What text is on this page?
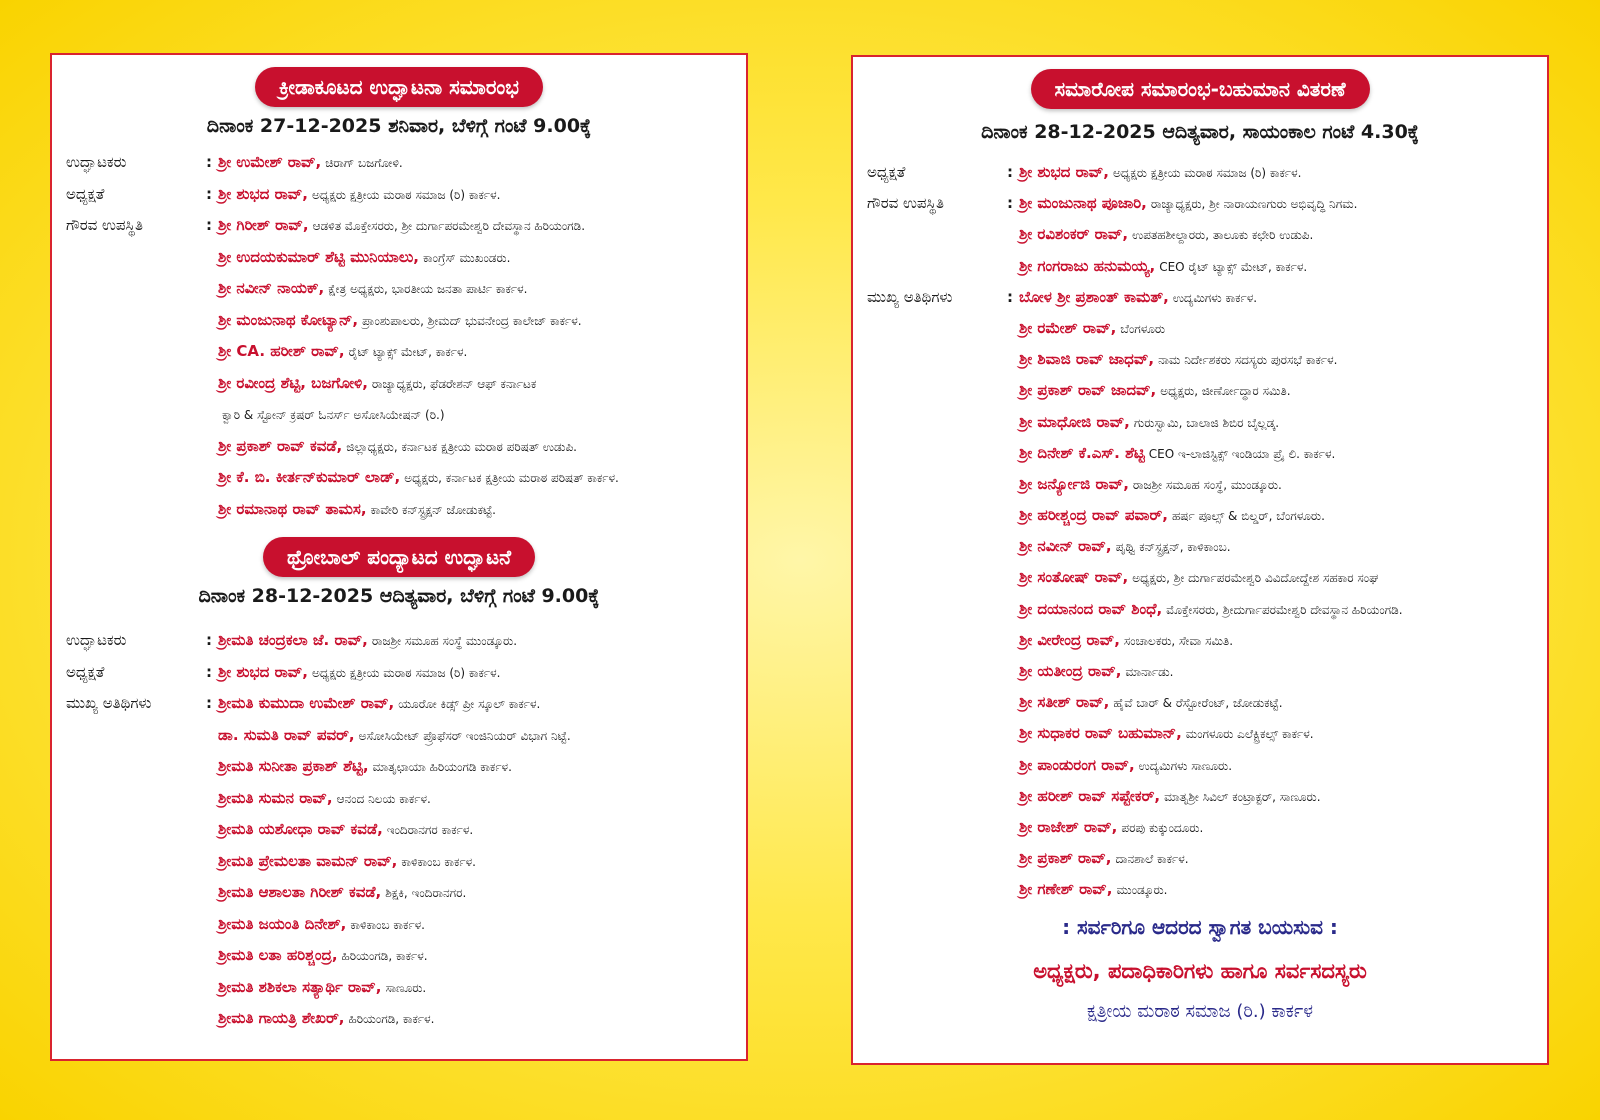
ಕ್ರೀಡಾಕೂಟದ ಉದ್ಘಾಟನಾ ಸಮಾರಂಭ
ದಿನಾಂಕ 27-12-2025 ಶನಿವಾರ, ಬೆಳಿಗ್ಗೆ ಗಂಟೆ 9.00ಕ್ಕೆ
ಉದ್ಘಾಟಕರು	: ಶ್ರೀ ಉಮೇಶ್ ರಾವ್, ಚಿರಾಗ್ ಬಜಗೋಳಿ.
ಅಧ್ಯಕ್ಷತೆ	: ಶ್ರೀ ಶುಭದ ರಾವ್, ಅಧ್ಯಕ್ಷರು ಕ್ಷತ್ರೀಯ ಮರಾಠ ಸಮಾಜ (ರಿ) ಕಾರ್ಕಳ.
ಗೌರವ ಉಪಸ್ಥಿತಿ	: ಶ್ರೀ ಗಿರೀಶ್ ರಾವ್, ಆಡಳಿತ ಮೊಕ್ತೇಸರರು, ಶ್ರೀ ದುರ್ಗಾಪರಮೇಶ್ವರಿ ದೇವಸ್ಥಾನ ಹಿರಿಯಂಗಡಿ.
ಶ್ರೀ ಉದಯಕುಮಾರ್ ಶೆಟ್ಟಿ ಮುನಿಯಾಲು, ಕಾಂಗ್ರೆಸ್ ಮುಖಂಡರು.
ಶ್ರೀ ನವೀನ್ ನಾಯಕ್, ಕ್ಷೇತ್ರ ಅಧ್ಯಕ್ಷರು, ಭಾರತೀಯ ಜನತಾ ಪಾರ್ಟಿ ಕಾರ್ಕಳ.
ಶ್ರೀ ಮಂಜುನಾಥ ಕೋಟ್ಯಾನ್, ಪ್ರಾಂಶುಪಾಲರು, ಶ್ರೀಮದ್ ಭುವನೇಂದ್ರ ಕಾಲೇಜ್ ಕಾರ್ಕಳ.
ಶ್ರೀ CA. ಹರೀಶ್ ರಾವ್, ರೈಟ್ ಟ್ಯಾಕ್ಸ್ ಮೇಟ್, ಕಾರ್ಕಳ.
ಶ್ರೀ ರವೀಂದ್ರ ಶೆಟ್ಟಿ, ಬಜಗೋಳಿ, ರಾಜ್ಯಾಧ್ಯಕ್ಷರು, ಫೆಡರೇಶನ್ ಆಫ್ ಕರ್ನಾಟಕ
ಕ್ವಾರಿ & ಸ್ಟೋನ್ ಕ್ರಷರ್ ಓನರ್ಸ್ ಅಸೋಸಿಯೇಷನ್ (ರಿ.)
ಶ್ರೀ ಪ್ರಕಾಶ್ ರಾವ್ ಕವಡೆ, ಜಿಲ್ಲಾಧ್ಯಕ್ಷರು, ಕರ್ನಾಟಕ ಕ್ಷತ್ರೀಯ ಮರಾಠ ಪರಿಷತ್ ಉಡುಪಿ.
ಶ್ರೀ ಕೆ. ಬಿ. ಕೀರ್ತನ್‌ಕುಮಾರ್ ಲಾಡ್, ಅಧ್ಯಕ್ಷರು, ಕರ್ನಾಟಕ ಕ್ಷತ್ರೀಯ ಮರಾಠ ಪರಿಷತ್ ಕಾರ್ಕಳ.
ಶ್ರೀ ರಮಾನಾಥ ರಾವ್ ತಾಮಸ, ಕಾವೇರಿ ಕನ್‌ಸ್ಟ್ರಕ್ಷನ್ ಜೋಡುಕಟ್ಟೆ.
ಥ್ರೋಬಾಲ್ ಪಂದ್ಯಾಟದ ಉದ್ಘಾಟನೆ
ದಿನಾಂಕ 28-12-2025 ಆದಿತ್ಯವಾರ, ಬೆಳಿಗ್ಗೆ ಗಂಟೆ 9.00ಕ್ಕೆ
ಉದ್ಘಾಟಕರು	: ಶ್ರೀಮತಿ ಚಂದ್ರಕಲಾ ಜೆ. ರಾವ್, ರಾಜಶ್ರೀ ಸಮೂಹ ಸಂಸ್ಥೆ ಮುಂಡ್ಕೂರು.
ಅಧ್ಯಕ್ಷತೆ	: ಶ್ರೀ ಶುಭದ ರಾವ್, ಅಧ್ಯಕ್ಷರು ಕ್ಷತ್ರೀಯ ಮರಾಠ ಸಮಾಜ (ರಿ) ಕಾರ್ಕಳ.
ಮುಖ್ಯ ಅತಿಥಿಗಳು	: ಶ್ರೀಮತಿ ಕುಮುದಾ ಉಮೇಶ್ ರಾವ್, ಯೂರೋ ಕಿಡ್ಸ್ ಪ್ರೀ ಸ್ಕೂಲ್ ಕಾರ್ಕಳ.
ಡಾ. ಸುಮತಿ ರಾವ್ ಪವರ್, ಅಸೋಸಿಯೇಟ್ ಪ್ರೊಫೆಸರ್ ಇಂಜಿನಿಯರ್ ವಿಭಾಗ ನಿಟ್ಟೆ.
ಶ್ರೀಮತಿ ಸುನೀತಾ ಪ್ರಕಾಶ್ ಶೆಟ್ಟಿ, ಮಾತೃಛಾಯಾ ಹಿರಿಯಂಗಡಿ ಕಾರ್ಕಳ.
ಶ್ರೀಮತಿ ಸುಮನ ರಾವ್, ಆನಂದ ನಿಲಯ ಕಾರ್ಕಳ.
ಶ್ರೀಮತಿ ಯಶೋಧಾ ರಾವ್ ಕವಡೆ, ಇಂದಿರಾನಗರ ಕಾರ್ಕಳ.
ಶ್ರೀಮತಿ ಪ್ರೇಮಲತಾ ವಾಮನ್ ರಾವ್, ಕಾಳಿಕಾಂಬ ಕಾರ್ಕಳ.
ಶ್ರೀಮತಿ ಆಶಾಲತಾ ಗಿರೀಶ್ ಕವಡೆ, ಶಿಕ್ಷಕಿ, ಇಂದಿರಾನಗರ.
ಶ್ರೀಮತಿ ಜಯಂತಿ ದಿನೇಶ್, ಕಾಳಿಕಾಂಬ ಕಾರ್ಕಳ.
ಶ್ರೀಮತಿ ಲತಾ ಹರಿಶ್ಚಂದ್ರ, ಹಿರಿಯಂಗಡಿ, ಕಾರ್ಕಳ.
ಶ್ರೀಮತಿ ಶಶಿಕಲಾ ಸತ್ಯಾರ್ಥಿ ರಾವ್, ಸಾಣೂರು.
ಶ್ರೀಮತಿ ಗಾಯತ್ರಿ ಶೇಖರ್, ಹಿರಿಯಂಗಡಿ, ಕಾರ್ಕಳ.
ಸಮಾರೋಪ ಸಮಾರಂಭ-ಬಹುಮಾನ ವಿತರಣೆ
ದಿನಾಂಕ 28-12-2025 ಆದಿತ್ಯವಾರ, ಸಾಯಂಕಾಲ ಗಂಟೆ 4.30ಕ್ಕೆ
ಅಧ್ಯಕ್ಷತೆ	: ಶ್ರೀ ಶುಭದ ರಾವ್, ಅಧ್ಯಕ್ಷರು ಕ್ಷತ್ರೀಯ ಮರಾಠ ಸಮಾಜ (ರಿ) ಕಾರ್ಕಳ.
ಗೌರವ ಉಪಸ್ಥಿತಿ	: ಶ್ರೀ ಮಂಜುನಾಥ ಪೂಜಾರಿ, ರಾಜ್ಯಾಧ್ಯಕ್ಷರು, ಶ್ರೀ ನಾರಾಯಣಗುರು ಅಭಿವೃದ್ಧಿ ನಿಗಮ.
ಶ್ರೀ ರವಿಶಂಕರ್ ರಾವ್, ಉಪತಹಶೀಲ್ದಾರರು, ತಾಲೂಕು ಕಛೇರಿ ಉಡುಪಿ.
ಶ್ರೀ ಗಂಗರಾಜು ಹನುಮಯ್ಯ, CEO ರೈಟ್ ಟ್ಯಾಕ್ಸ್ ಮೇಟ್, ಕಾರ್ಕಳ.
ಮುಖ್ಯ ಅತಿಥಿಗಳು	: ಬೋಳ ಶ್ರೀ ಪ್ರಶಾಂತ್ ಕಾಮತ್, ಉದ್ಯಮಿಗಳು ಕಾರ್ಕಳ.
ಶ್ರೀ ರಮೇಶ್ ರಾವ್, ಬೆಂಗಳೂರು
ಶ್ರೀ ಶಿವಾಜಿ ರಾವ್ ಜಾಧವ್, ನಾಮ ನಿರ್ದೇಶಕರು ಸದಸ್ಯರು ಪುರಸಭೆ ಕಾರ್ಕಳ.
ಶ್ರೀ ಪ್ರಕಾಶ್ ರಾವ್ ಜಾದವ್, ಅಧ್ಯಕ್ಷರು, ಜೀರ್ಣೋದ್ಧಾರ ಸಮಿತಿ.
ಶ್ರೀ ಮಾಧೋಜಿ ರಾವ್, ಗುರುಸ್ವಾಮಿ, ಬಾಲಾಜಿ ಶಿಬಿರ ಬೈಲ್ಲಡ್ಕ.
ಶ್ರೀ ದಿನೇಶ್ ಕೆ.ಎಸ್. ಶೆಟ್ಟಿ CEO ಇ-ಲಾಜಿಸ್ಟಿಕ್ಸ್ ಇಂಡಿಯಾ ಪ್ರೈ ಲಿ. ಕಾರ್ಕಳ.
ಶ್ರೀ ಜರ್ನ್ಯೋಜಿ ರಾವ್, ರಾಜಶ್ರೀ ಸಮೂಹ ಸಂಸ್ಥೆ, ಮುಂಡ್ಕೂರು.
ಶ್ರೀ ಹರೀಶ್ಚಂದ್ರ ರಾವ್ ಪವಾರ್, ಹರ್ಷ ಪೂಲ್ಸ್ & ಬಿಲ್ಡರ್, ಬೆಂಗಳೂರು.
ಶ್ರೀ ನವೀನ್ ರಾವ್, ಪೃಥ್ವಿ ಕನ್‌ಸ್ಟ್ರಕ್ಷನ್, ಕಾಳಿಕಾಂಬ.
ಶ್ರೀ ಸಂತೋಷ್ ರಾವ್, ಅಧ್ಯಕ್ಷರು, ಶ್ರೀ ದುರ್ಗಾಪರಮೇಶ್ವರಿ ವಿವಿದೋದ್ದೇಶ ಸಹಕಾರ ಸಂಘ
ಶ್ರೀ ದಯಾನಂದ ರಾವ್ ಶಿಂಧೆ, ಮೊಕ್ತೇಸರರು, ಶ್ರೀದುರ್ಗಾಪರಮೇಶ್ವರಿ ದೇವಸ್ಥಾನ ಹಿರಿಯಂಗಡಿ.
ಶ್ರೀ ವೀರೇಂದ್ರ ರಾವ್, ಸಂಚಾಲಕರು, ಸೇವಾ ಸಮಿತಿ.
ಶ್ರೀ ಯತೀಂದ್ರ ರಾವ್, ಮಾರ್ನಾಡು.
ಶ್ರೀ ಸತೀಶ್ ರಾವ್, ಹೈವೆ ಬಾರ್ & ರೆಸ್ಟೋರೆಂಟ್, ಜೋಡುಕಟ್ಟೆ.
ಶ್ರೀ ಸುಧಾಕರ ರಾವ್ ಬಹುಮಾನ್, ಮಂಗಳೂರು ಎಲೆಕ್ಟ್ರಿಕಲ್ಸ್ ಕಾರ್ಕಳ.
ಶ್ರೀ ಪಾಂಡುರಂಗ ರಾವ್, ಉದ್ಯಮಿಗಳು ಸಾಣೂರು.
ಶ್ರೀ ಹರೀಶ್ ರಾವ್ ಸಪ್ಟೇಕರ್, ಮಾತೃಶ್ರೀ ಸಿವಿಲ್ ಕಂಟ್ರಾಕ್ಟರ್, ಸಾಣೂರು.
ಶ್ರೀ ರಾಜೇಶ್ ರಾವ್, ಪರಪು ಕುಕ್ಕುಂದೂರು.
ಶ್ರೀ ಪ್ರಕಾಶ್ ರಾವ್, ದಾನಶಾಲೆ ಕಾರ್ಕಳ.
ಶ್ರೀ ಗಣೇಶ್ ರಾವ್, ಮುಂಡ್ಕೂರು.
: ಸರ್ವರಿಗೂ ಆದರದ ಸ್ವಾಗತ ಬಯಸುವ :
ಅಧ್ಯಕ್ಷರು, ಪದಾಧಿಕಾರಿಗಳು ಹಾಗೂ ಸರ್ವಸದಸ್ಯರು
ಕ್ಷತ್ರೀಯ ಮರಾಠ ಸಮಾಜ (ರಿ.) ಕಾರ್ಕಳ
